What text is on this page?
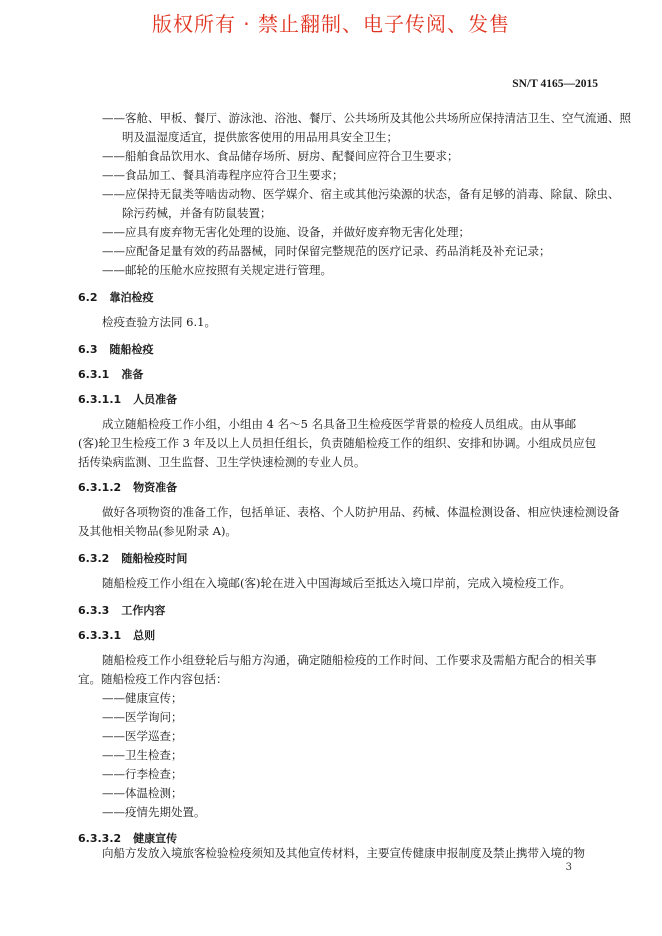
版权所有 · 禁止翻制、电子传阅、发售
SN/T 4165—2015
——客舱、甲板、餐厅、游泳池、浴池、餐厅、公共场所及其他公共场所应保持清洁卫生、空气流通、照
明及温湿度适宜，提供旅客使用的用品用具安全卫生；
——船舶食品饮用水、食品储存场所、厨房、配餐间应符合卫生要求；
——食品加工、餐具消毒程序应符合卫生要求；
——应保持无鼠类等啮齿动物、医学媒介、宿主或其他污染源的状态，备有足够的消毒、除鼠、除虫、
除污药械，并备有防鼠装置；
——应具有废弃物无害化处理的设施、设备，并做好废弃物无害化处理；
——应配备足量有效的药品器械，同时保留完整规范的医疗记录、药品消耗及补充记录；
——邮轮的压舱水应按照有关规定进行管理。
6.2 靠泊检疫
检疫查验方法同 6.1。
6.3 随船检疫
6.3.1 准备
6.3.1.1 人员准备
成立随船检疫工作小组，小组由 4 名～5 名具备卫生检疫医学背景的检疫人员组成。由从事邮
(客)轮卫生检疫工作 3 年及以上人员担任组长，负责随船检疫工作的组织、安排和协调。小组成员应包
括传染病监测、卫生监督、卫生学快速检测的专业人员。
6.3.1.2 物资准备
做好各项物资的准备工作，包括单证、表格、个人防护用品、药械、体温检测设备、相应快速检测设备
及其他相关物品(参见附录 A)。
6.3.2 随船检疫时间
随船检疫工作小组在入境邮(客)轮在进入中国海域后至抵达入境口岸前，完成入境检疫工作。
6.3.3 工作内容
6.3.3.1 总则
随船检疫工作小组登轮后与船方沟通，确定随船检疫的工作时间、工作要求及需船方配合的相关事
宜。随船检疫工作内容包括：
——健康宣传；
——医学询问；
——医学巡查；
——卫生检查；
——行李检查；
——体温检测；
——疫情先期处置。
6.3.3.2 健康宣传
向船方发放入境旅客检验检疫须知及其他宣传材料，主要宣传健康申报制度及禁止携带入境的物
3
